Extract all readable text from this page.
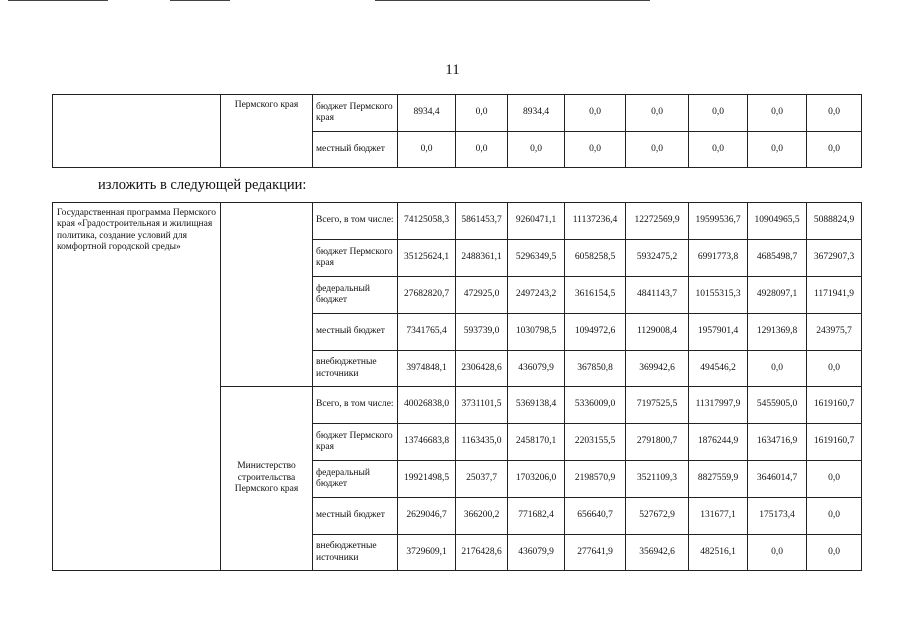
11
	Пермского края	бюджет Пермского края	8934,4	0,0	8934,4	0,0	0,0	0,0	0,0	0,0
		местный бюджет	0,0	0,0	0,0	0,0	0,0	0,0	0,0	0,0
изложить в следующей редакции:
Государственная программа Пермского края «Градостроительная и жилищная политика, создание условий для комфортной городской среды»		Всего, в том числе:	74125058,3	5861453,7	9260471,1	11137236,4	12272569,9	19599536,7	10904965,5	5088824,9
		бюджет Пермского края	35125624,1	2488361,1	5296349,5	6058258,5	5932475,2	6991773,8	4685498,7	3672907,3
		федеральный бюджет	27682820,7	472925,0	2497243,2	3616154,5	4841143,7	10155315,3	4928097,1	1171941,9
		местный бюджет	7341765,4	593739,0	1030798,5	1094972,6	1129008,4	1957901,4	1291369,8	243975,7
		внебюджетные источники	3974848,1	2306428,6	436079,9	367850,8	369942,6	494546,2	0,0	0,0
	Министерство строительства Пермского края	Всего, в том числе:	40026838,0	3731101,5	5369138,4	5336009,0	7197525,5	11317997,9	5455905,0	1619160,7
		бюджет Пермского края	13746683,8	1163435,0	2458170,1	2203155,5	2791800,7	1876244,9	1634716,9	1619160,7
		федеральный бюджет	19921498,5	25037,7	1703206,0	2198570,9	3521109,3	8827559,9	3646014,7	0,0
		местный бюджет	2629046,7	366200,2	771682,4	656640,7	527672,9	131677,1	175173,4	0,0
		внебюджетные источники	3729609,1	2176428,6	436079,9	277641,9	356942,6	482516,1	0,0	0,0
